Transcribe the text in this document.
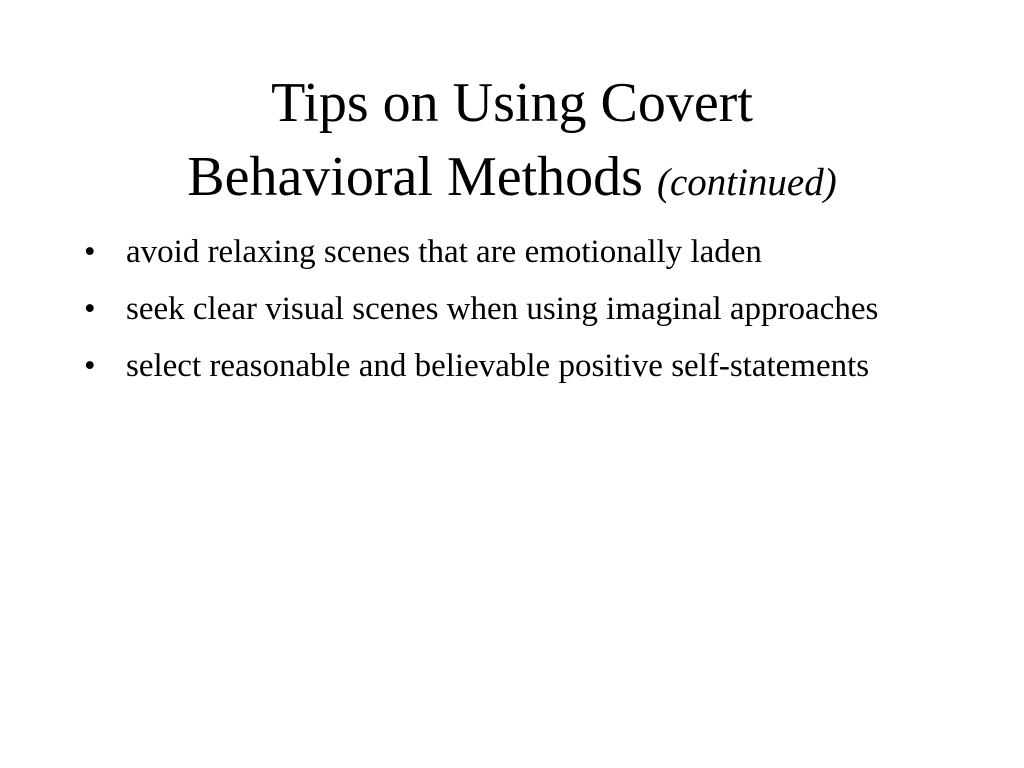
Tips on Using Covert
Behavioral Methods (continued)
• avoid relaxing scenes that are emotionally laden
• seek clear visual scenes when using imaginal approaches
• select reasonable and believable positive self-statements
